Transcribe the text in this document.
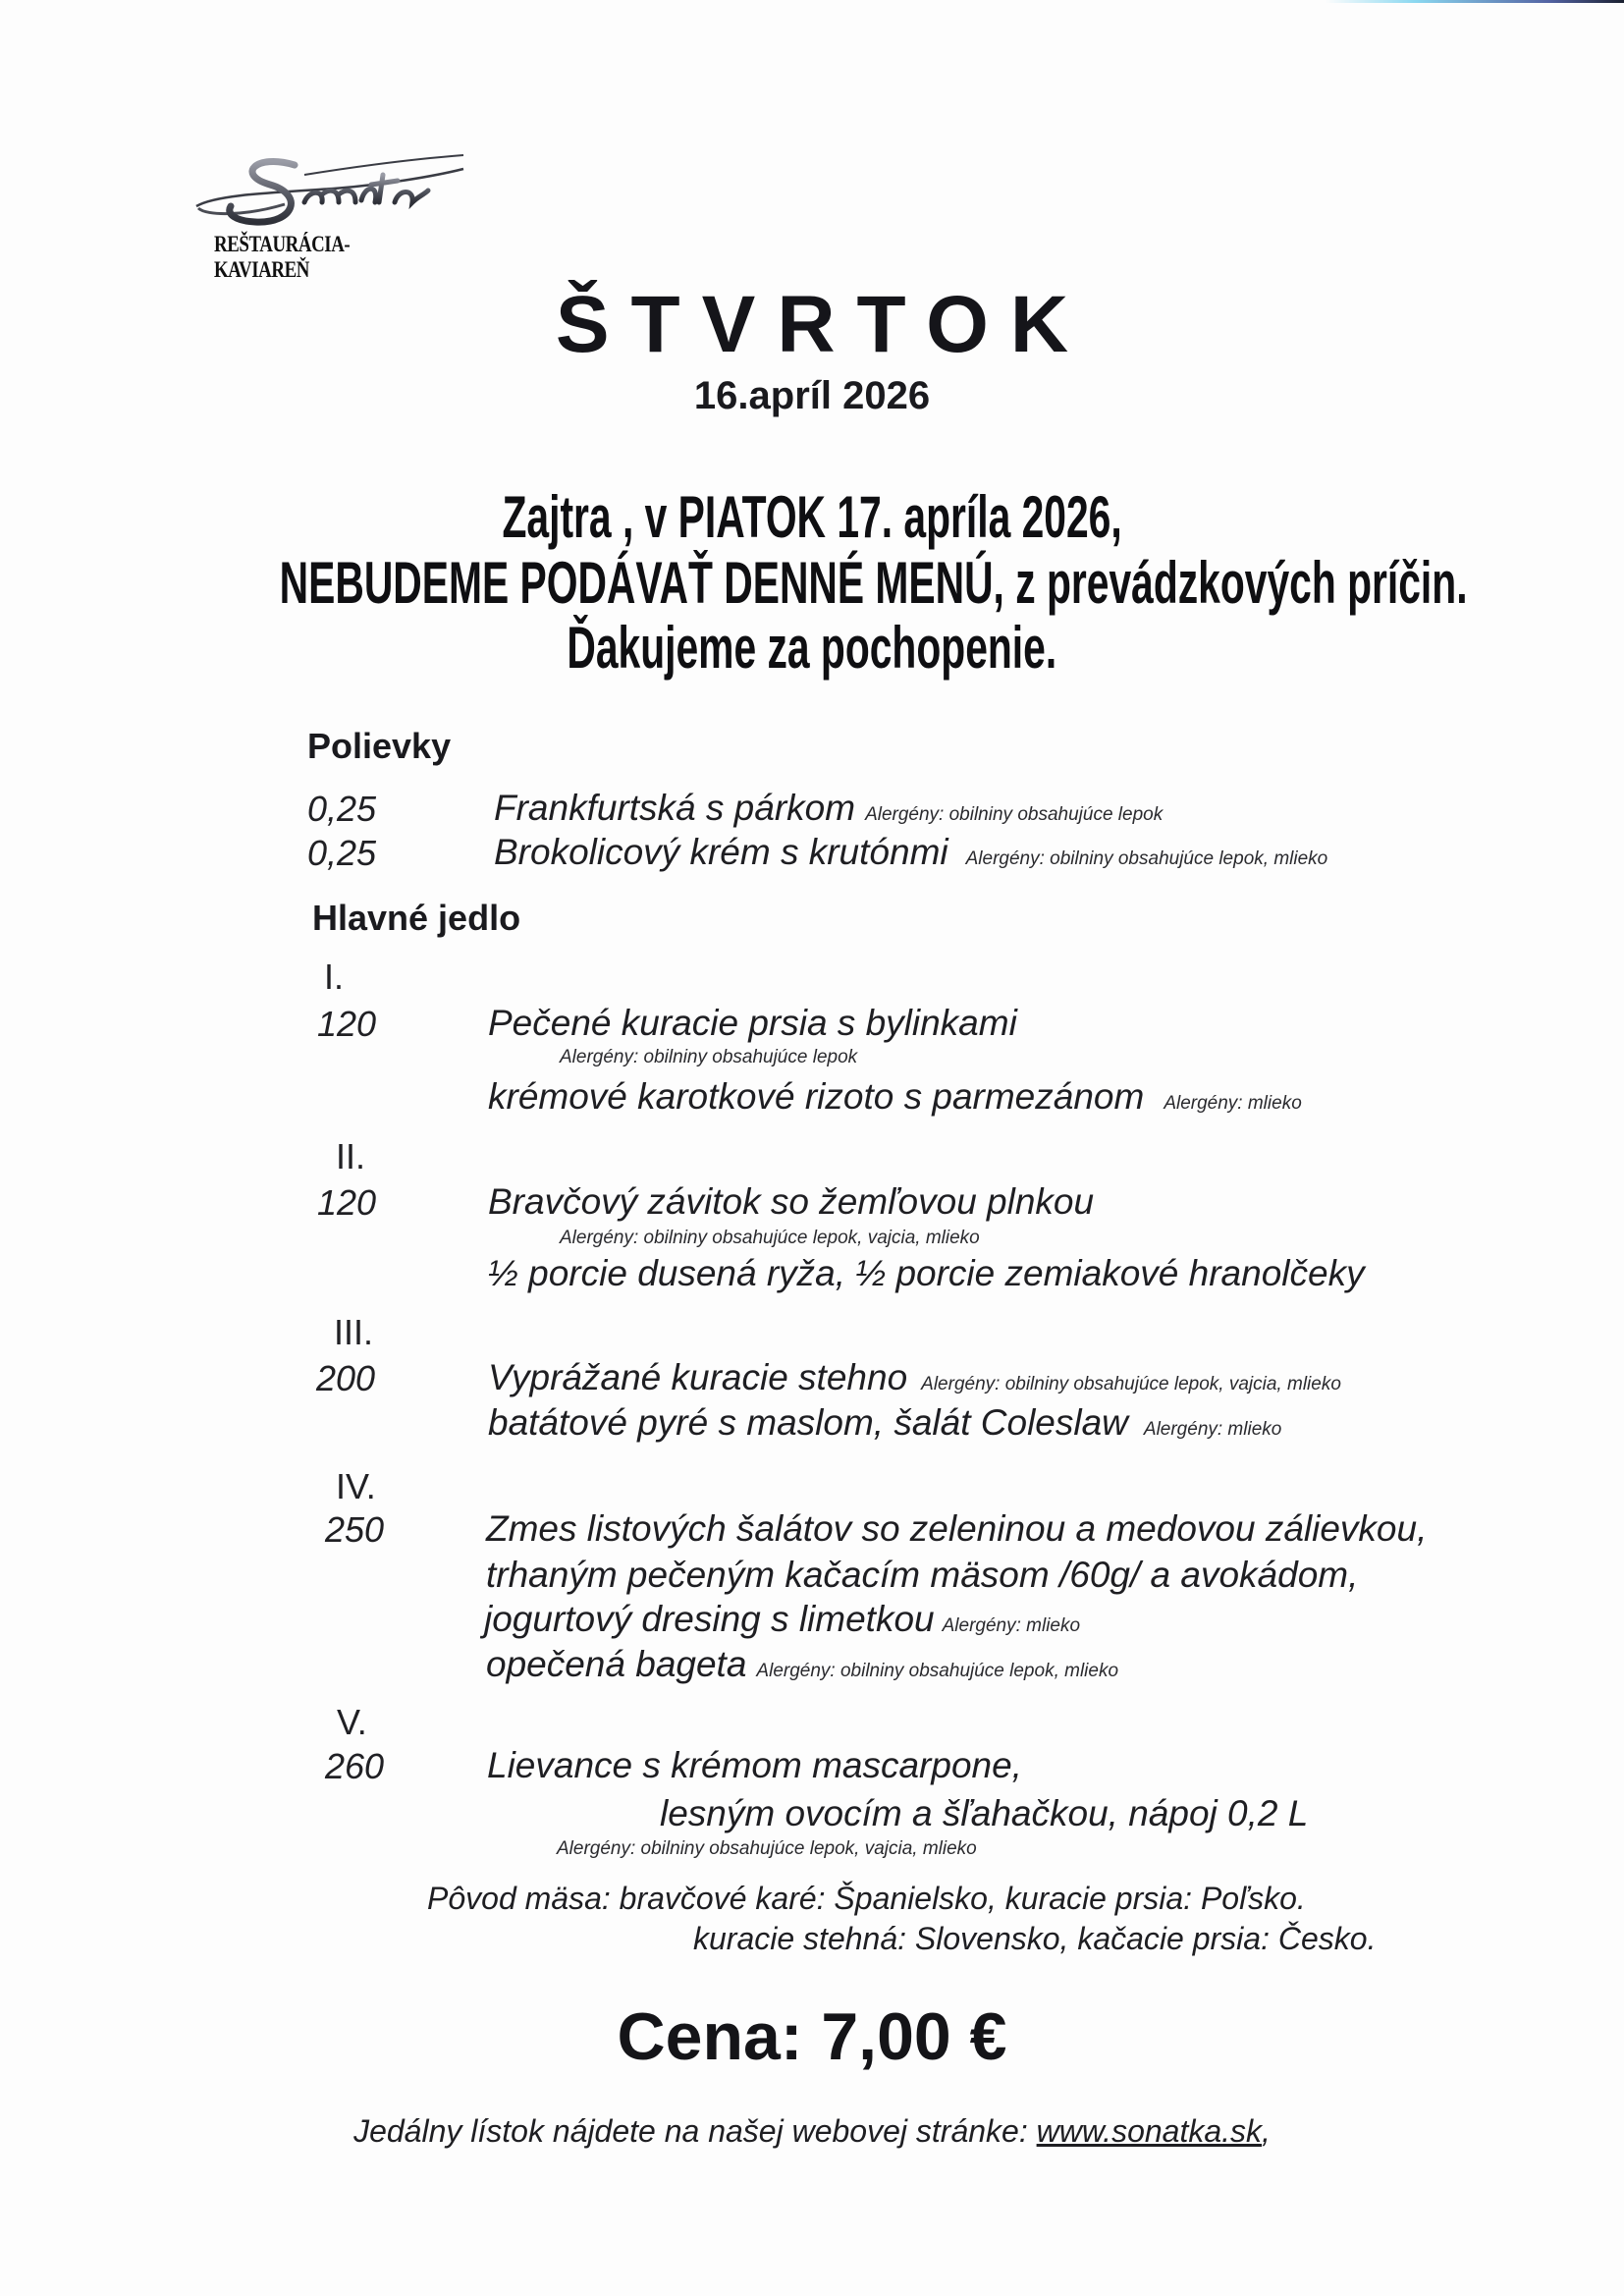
REŠTAURÁCIA-KAVIAREŇ
ŠTVRTOK
16.apríl 2026
Zajtra , v PIATOK 17. apríla 2026,
NEBUDEME PODÁVAŤ DENNÉ MENÚ, z prevádzkových príčin.
Ďakujeme za pochopenie.
Polievky
0,25	Frankfurtská s párkom Alergény: obilniny obsahujúce lepok
0,25	Brokolicový krém s krutónmi Alergény: obilniny obsahujúce lepok, mlieko
Hlavné jedlo
I.
120	Pečené kuracie prsia s bylinkami
Alergény: obilniny obsahujúce lepok
krémové karotkové rizoto s parmezánom Alergény: mlieko
II.
120	Bravčový závitok so žemľovou plnkou
Alergény: obilniny obsahujúce lepok, vajcia, mlieko
½ porcie dusená ryža, ½ porcie zemiakové hranolčeky
III.
200	Vyprážané kuracie stehno Alergény: obilniny obsahujúce lepok, vajcia, mlieko
batátové pyré s maslom, šalát Coleslaw Alergény: mlieko
IV.
250	Zmes listových šalátov so zeleninou a medovou zálievkou,
trhaným pečeným kačacím mäsom /60g/ a avokádom,
jogurtový dresing s limetkou Alergény: mlieko
opečená bageta Alergény: obilniny obsahujúce lepok, mlieko
V.
260	Lievance s krémom mascarpone,
lesným ovocím a šľahačkou, nápoj 0,2 L
Alergény: obilniny obsahujúce lepok, vajcia, mlieko
Pôvod mäsa: bravčové karé: Španielsko, kuracie prsia: Poľsko.
kuracie stehná: Slovensko, kačacie prsia: Česko.
Cena: 7,00 €
Jedálny lístok nájdete na našej webovej stránke: www.sonatka.sk,
